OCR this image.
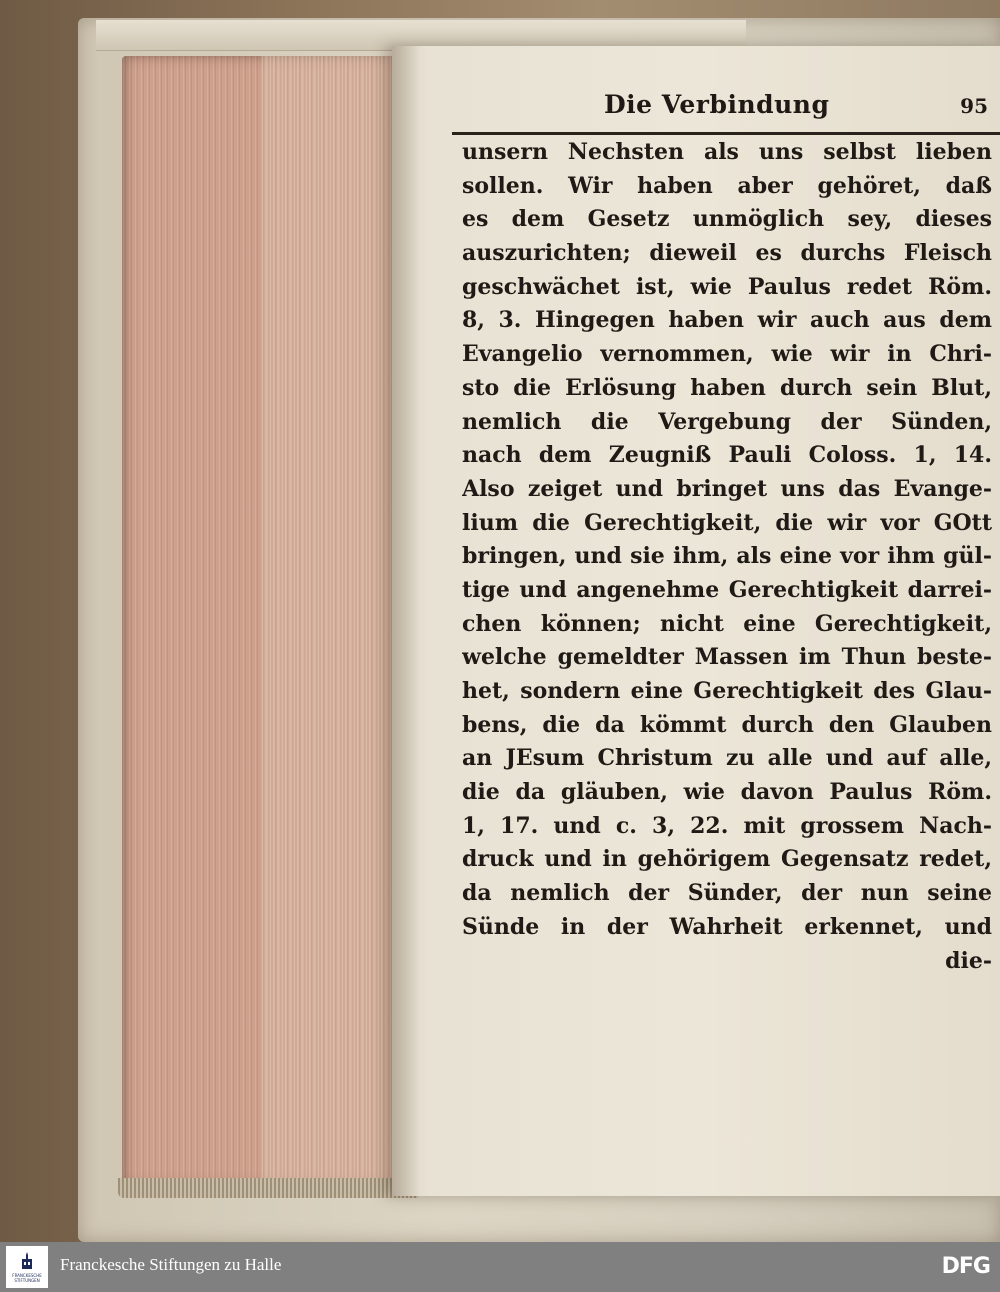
Die Verbindung	95
unsern Nechsten als uns selbst lieben
sollen. Wir haben aber gehöret, daß
es dem Gesetz unmöglich sey, dieses
auszurichten; dieweil es durchs Fleisch
geschwächet ist, wie Paulus redet Röm.
8, 3. Hingegen haben wir auch aus dem
Evangelio vernommen, wie wir in Chri-
sto die Erlösung haben durch sein Blut,
nemlich die Vergebung der Sünden,
nach dem Zeugniß Pauli Coloss. 1, 14.
Also zeiget und bringet uns das Evange-
lium die Gerechtigkeit, die wir vor GOtt
bringen, und sie ihm, als eine vor ihm gül-
tige und angenehme Gerechtigkeit darrei-
chen können; nicht eine Gerechtigkeit,
welche gemeldter Massen im Thun beste-
het, sondern eine Gerechtigkeit des Glau-
bens, die da kömmt durch den Glauben
an JEsum Christum zu alle und auf alle,
die da gläuben, wie davon Paulus Röm.
1, 17. und c. 3, 22. mit grossem Nach-
druck und in gehörigem Gegensatz redet,
da nemlich der Sünder, der nun seine
Sünde in der Wahrheit erkennet, und
die-
FRANCKESCHE
STIFTUNGEN
Franckesche Stiftungen zu Halle	DFG
